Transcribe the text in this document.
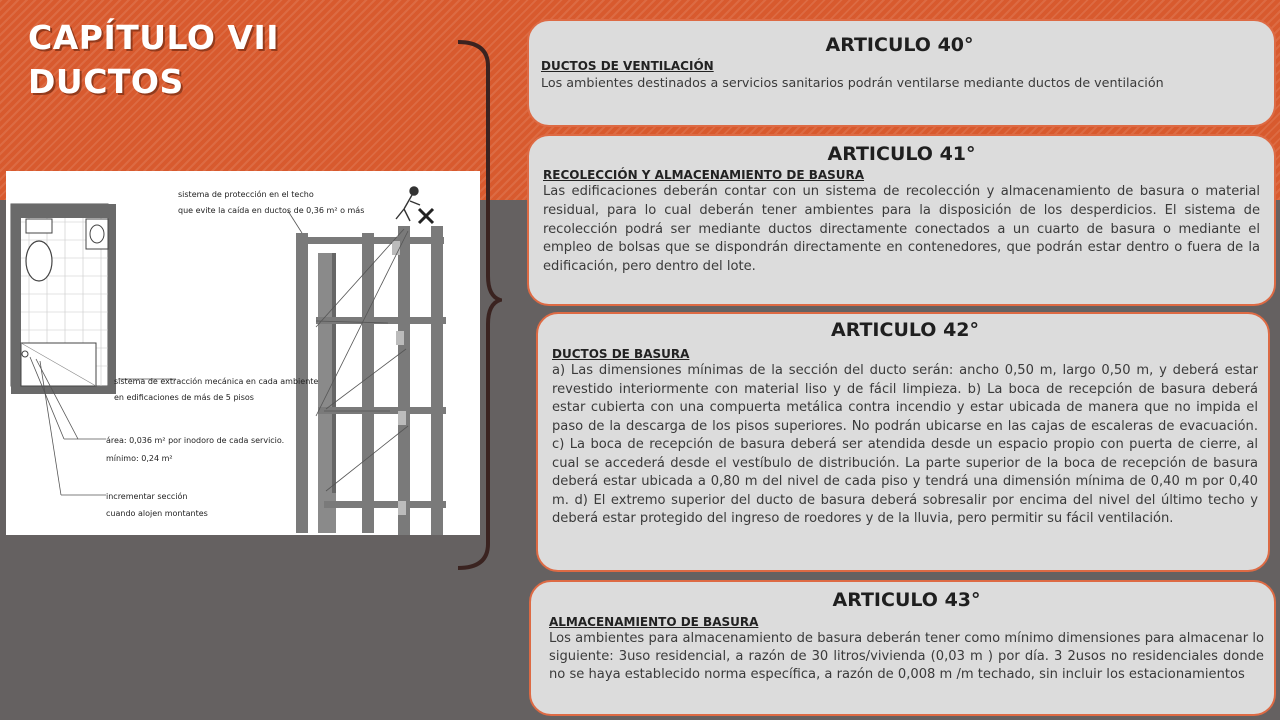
CAPÍTULO VII
DUCTOS
sistema de protección en el techo
que evite la caída en ductos de 0,36 m² o más
sistema de extracción mecánica en cada ambiente
en edificaciones de más de 5 pisos
área: 0,036 m² por inodoro de cada servicio.
mínimo: 0,24 m²
incrementar sección
cuando alojen montantes

ARTICULO 40°

DUCTOS DE VENTILACIÓN

Los ambientes destinados a servicios sanitarios podrán ventilarse mediante ductos de ventilación

ARTICULO 41°

RECOLECCIÓN Y ALMACENAMIENTO DE BASURA

Las edificaciones deberán contar con un sistema de recolección y almacenamiento de basura o material residual, para lo cual deberán tener ambientes para la disposición de los desperdicios. El sistema de recolección podrá ser mediante ductos directamente conectados a un cuarto de basura o mediante el empleo de bolsas que se dispondrán directamente en contenedores, que podrán estar dentro o fuera de la edificación, pero dentro del lote.

ARTICULO 42°

DUCTOS DE BASURA

a) Las dimensiones mínimas de la sección del ducto serán: ancho 0,50 m, largo 0,50 m, y deberá estar revestido interiormente con material liso y de fácil limpieza. b) La boca de recepción de basura deberá estar cubierta con una compuerta metálica contra incendio y estar ubicada de manera que no impida el paso de la descarga de los pisos superiores. No podrán ubicarse en las cajas de escaleras de evacuación. c) La boca de recepción de basura deberá ser atendida desde un espacio propio con puerta de cierre, al cual se accederá desde el vestíbulo de distribución. La parte superior de la boca de recepción de basura deberá estar ubicada a 0,80 m del nivel de cada piso y tendrá una dimensión mínima de 0,40 m por 0,40 m. d) El extremo superior del ducto de basura deberá sobresalir por encima del nivel del último techo y deberá estar protegido del ingreso de roedores y de la lluvia, pero permitir su fácil ventilación.

ARTICULO 43°

ALMACENAMIENTO DE BASURA

Los ambientes para almacenamiento de basura deberán tener como mínimo dimensiones para almacenar lo siguiente: 3uso residencial, a razón de 30 litros/vivienda (0,03 m ) por día. 3 2usos no residenciales donde no se haya establecido norma específica, a razón de 0,008 m /m techado, sin incluir los estacionamientos
